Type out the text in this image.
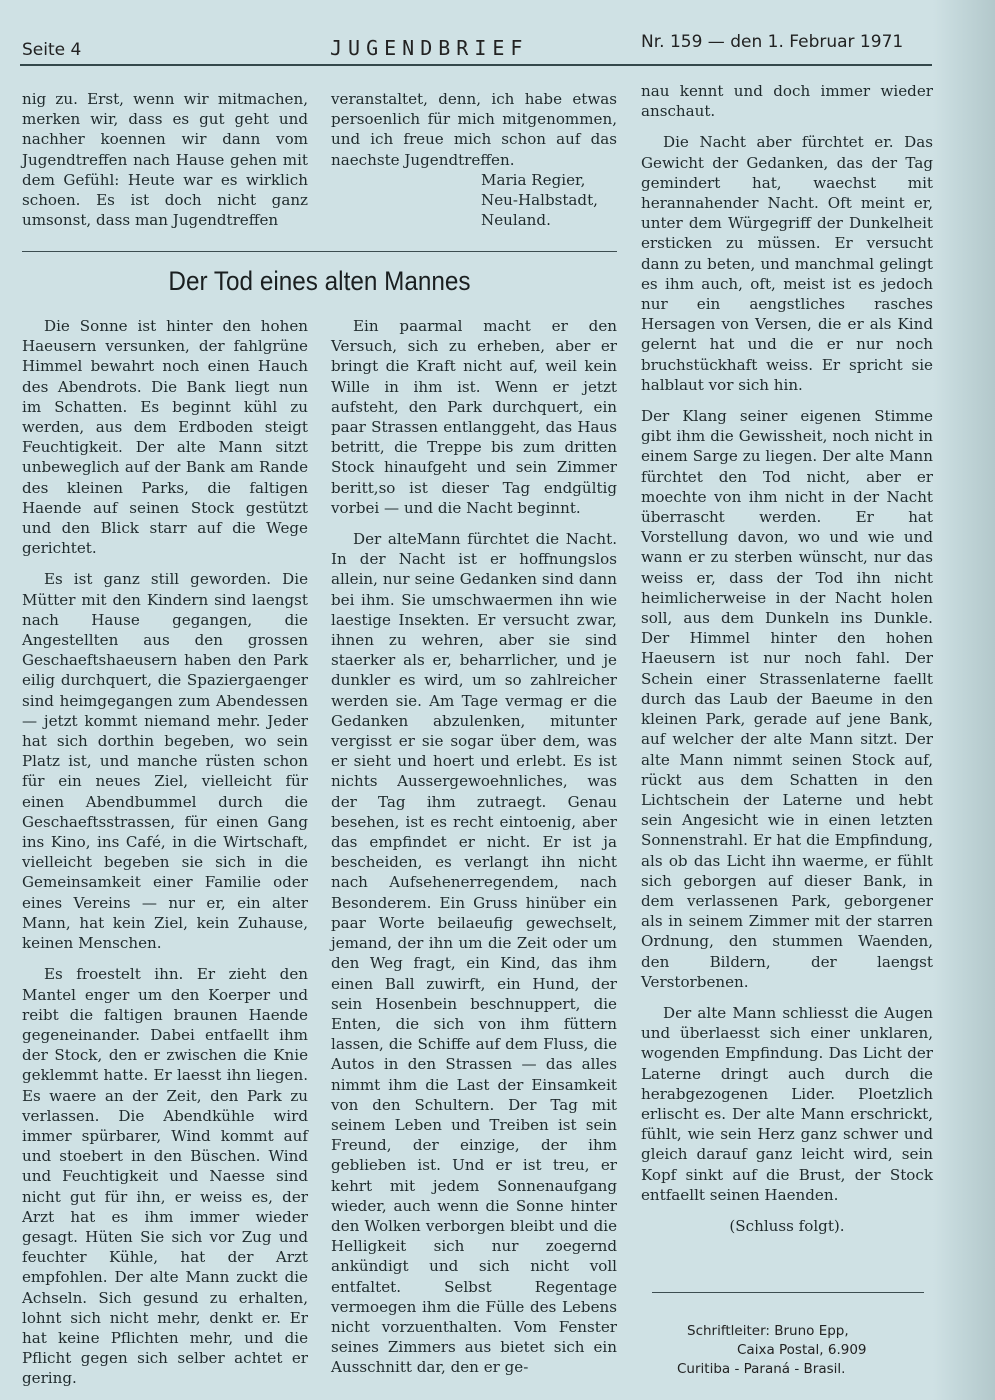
Seite 4	JUGENDBRIEF	Nr. 159 — den 1. Februar 1971

nig zu. Erst, wenn wir mitmachen, merken wir, dass es gut geht und nachher koennen wir dann vom Jugendtreffen nach Hause gehen mit dem Gefühl: Heute war es wirklich schoen. Es ist doch nicht ganz umsonst, dass man Jugendtreffen

veranstaltet, denn, ich habe etwas persoenlich für mich mitgenommen, und ich freue mich schon auf das naechste Jugendtreffen.

Maria Regier,
Neu-Halbstadt,
Neuland.
Der Tod eines alten Mannes

Die Sonne ist hinter den hohen Haeusern versunken, der fahlgrüne Himmel bewahrt noch einen Hauch des Abendrots. Die Bank liegt nun im Schatten. Es beginnt kühl zu werden, aus dem Erdboden steigt Feuchtigkeit. Der alte Mann sitzt unbeweglich auf der Bank am Rande des kleinen Parks, die faltigen Haende auf seinen Stock gestützt und den Blick starr auf die Wege gerichtet.

Es ist ganz still geworden. Die Mütter mit den Kindern sind laengst nach Hause gegangen, die Angestellten aus den grossen Geschaeftshaeusern haben den Park eilig durchquert, die Spaziergaenger sind heimgegangen zum Abendessen — jetzt kommt niemand mehr. Jeder hat sich dorthin begeben, wo sein Platz ist, und manche rüsten schon für ein neues Ziel, vielleicht für einen Abendbummel durch die Geschaeftsstrassen, für einen Gang ins Kino, ins Café, in die Wirtschaft, vielleicht begeben sie sich in die Gemeinsamkeit einer Familie oder eines Vereins — nur er, ein alter Mann, hat kein Ziel, kein Zuhause, keinen Menschen.

Es froestelt ihn. Er zieht den Mantel enger um den Koerper und reibt die faltigen braunen Haende gegeneinander. Dabei entfaellt ihm der Stock, den er zwischen die Knie geklemmt hatte. Er laesst ihn liegen. Es waere an der Zeit, den Park zu verlassen. Die Abendkühle wird immer spürbarer, Wind kommt auf und stoebert in den Büschen. Wind und Feuchtigkeit und Naesse sind nicht gut für ihn, er weiss es, der Arzt hat es ihm immer wieder gesagt. Hüten Sie sich vor Zug und feuchter Kühle, hat der Arzt empfohlen. Der alte Mann zuckt die Achseln. Sich gesund zu erhalten, lohnt sich nicht mehr, denkt er. Er hat keine Pflichten mehr, und die Pflicht gegen sich selber achtet er gering.

Ein paarmal macht er den Versuch, sich zu erheben, aber er bringt die Kraft nicht auf, weil kein Wille in ihm ist. Wenn er jetzt aufsteht, den Park durchquert, ein paar Strassen entlanggeht, das Haus betritt, die Treppe bis zum dritten Stock hinaufgeht und sein Zimmer beritt,so ist dieser Tag endgültig vorbei — und die Nacht beginnt.

Der alteMann fürchtet die Nacht. In der Nacht ist er hoffnungslos allein, nur seine Gedanken sind dann bei ihm. Sie umschwaermen ihn wie laestige Insekten. Er versucht zwar, ihnen zu wehren, aber sie sind staerker als er, beharrlicher, und je dunkler es wird, um so zahlreicher werden sie. Am Tage vermag er die Gedanken abzulenken, mitunter vergisst er sie sogar über dem, was er sieht und hoert und erlebt. Es ist nichts Aussergewoehnliches, was der Tag ihm zutraegt. Genau besehen, ist es recht eintoenig, aber das empfindet er nicht. Er ist ja bescheiden, es verlangt ihn nicht nach Aufsehenerregendem, nach Besonderem. Ein Gruss hinüber ein paar Worte beilaeufig gewechselt, jemand, der ihn um die Zeit oder um den Weg fragt, ein Kind, das ihm einen Ball zuwirft, ein Hund, der sein Hosenbein beschnuppert, die Enten, die sich von ihm füttern lassen, die Schiffe auf dem Fluss, die Autos in den Strassen — das alles nimmt ihm die Last der Einsamkeit von den Schultern. Der Tag mit seinem Leben und Treiben ist sein Freund, der einzige, der ihm geblieben ist. Und er ist treu, er kehrt mit jedem Sonnenaufgang wieder, auch wenn die Sonne hinter den Wolken verborgen bleibt und die Helligkeit sich nur zoegernd ankündigt und sich nicht voll entfaltet. Selbst Regentage vermoegen ihm die Fülle des Lebens nicht vorzuenthalten. Vom Fenster seines Zimmers aus bietet sich ein Ausschnitt dar, den er ge-

nau kennt und doch immer wieder anschaut.

Die Nacht aber fürchtet er. Das Gewicht der Gedanken, das der Tag gemindert hat, waechst mit herannahender Nacht. Oft meint er, unter dem Würgegriff der Dunkelheit ersticken zu müssen. Er versucht dann zu beten, und manchmal gelingt es ihm auch, oft, meist ist es jedoch nur ein aengstliches rasches Hersagen von Versen, die er als Kind gelernt hat und die er nur noch bruchstückhaft weiss. Er spricht sie halblaut vor sich hin.

Der Klang seiner eigenen Stimme gibt ihm die Gewissheit, noch nicht in einem Sarge zu liegen. Der alte Mann fürchtet den Tod nicht, aber er moechte von ihm nicht in der Nacht überrascht werden. Er hat Vorstellung davon, wo und wie und wann er zu sterben wünscht, nur das weiss er, dass der Tod ihn nicht heimlicherweise in der Nacht holen soll, aus dem Dunkeln ins Dunkle. Der Himmel hinter den hohen Haeusern ist nur noch fahl. Der Schein einer Strassenlaterne faellt durch das Laub der Baeume in den kleinen Park, gerade auf jene Bank, auf welcher der alte Mann sitzt. Der alte Mann nimmt seinen Stock auf, rückt aus dem Schatten in den Lichtschein der Laterne und hebt sein Angesicht wie in einen letzten Sonnenstrahl. Er hat die Empfindung, als ob das Licht ihn waerme, er fühlt sich geborgen auf dieser Bank, in dem verlassenen Park, geborgener als in seinem Zimmer mit der starren Ordnung, den stummen Waenden, den Bildern, der laengst Verstorbenen.

Der alte Mann schliesst die Augen und überlaesst sich einer unklaren, wogenden Empfindung. Das Licht der Laterne dringt auch durch die herabgezogenen Lider. Ploetzlich erlischt es. Der alte Mann erschrickt, fühlt, wie sein Herz ganz schwer und gleich darauf ganz leicht wird, sein Kopf sinkt auf die Brust, der Stock entfaellt seinen Haenden.

(Schluss folgt).

Schriftleiter: Bruno Epp,
Caixa Postal, 6.909
Curitiba - Paraná - Brasil.
